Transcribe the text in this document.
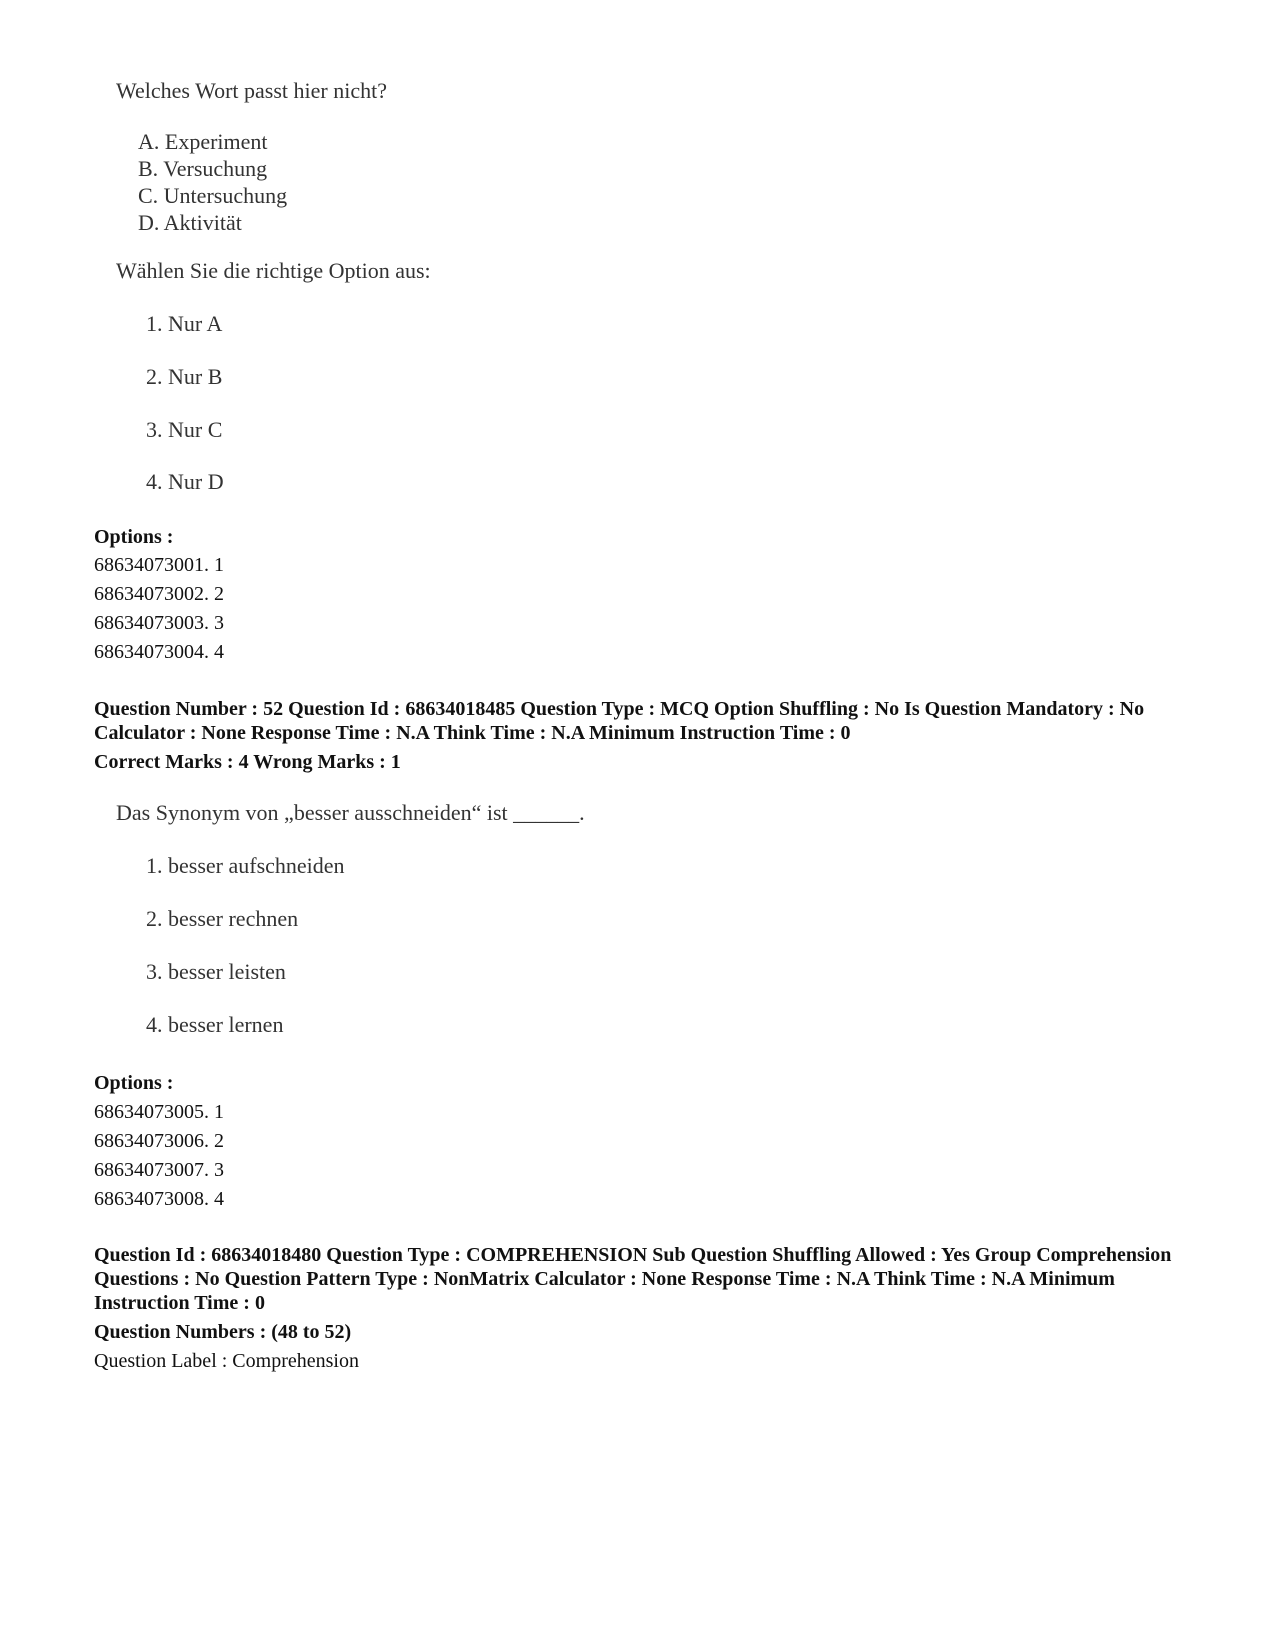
Welches Wort passt hier nicht?
A. Experiment
B. Versuchung
C. Untersuchung
D. Aktivität
Wählen Sie die richtige Option aus:
1. Nur A
2. Nur B
3. Nur C
4. Nur D
Options :
68634073001. 1
68634073002. 2
68634073003. 3
68634073004. 4
Question Number : 52 Question Id : 68634018485 Question Type : MCQ Option Shuffling : No Is Question Mandatory : No Calculator : None Response Time : N.A Think Time : N.A Minimum Instruction Time : 0
Correct Marks : 4 Wrong Marks : 1
Das Synonym von „besser ausschneiden“ ist ______.
1. besser aufschneiden
2. besser rechnen
3. besser leisten
4. besser lernen
Options :
68634073005. 1
68634073006. 2
68634073007. 3
68634073008. 4
Question Id : 68634018480 Question Type : COMPREHENSION Sub Question Shuffling Allowed : Yes Group Comprehension Questions : No Question Pattern Type : NonMatrix Calculator : None Response Time : N.A Think Time : N.A Minimum Instruction Time : 0
Question Numbers : (48 to 52)
Question Label : Comprehension
